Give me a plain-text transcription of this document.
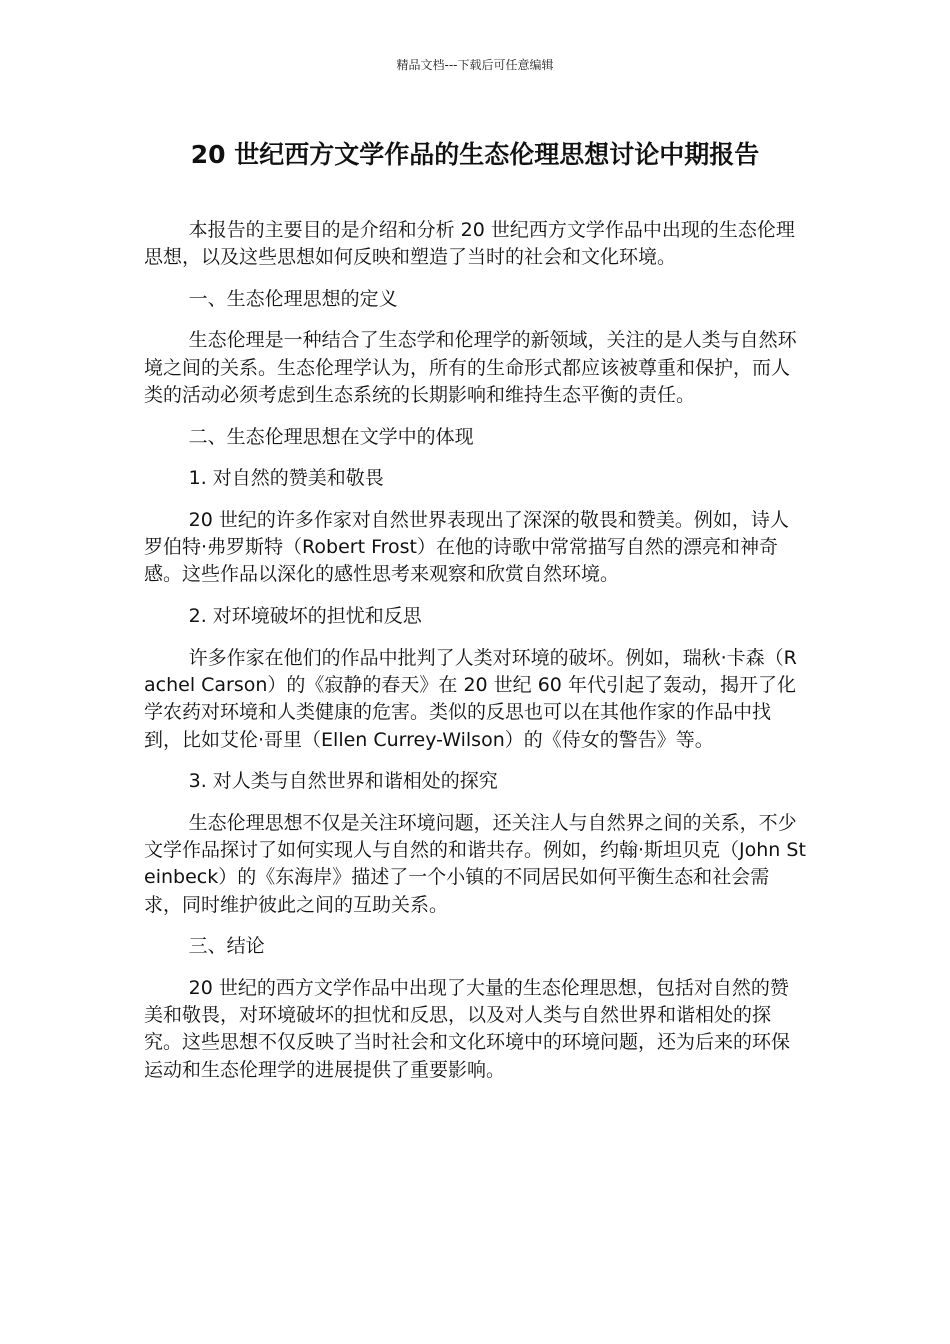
精品文档---下载后可任意编辑
20 世纪西方文学作品的生态伦理思想讨论中期报告

本报告的主要目的是介绍和分析 20 世纪西方文学作品中出现的生态伦理思想，以及这些思想如何反映和塑造了当时的社会和文化环境。

一、生态伦理思想的定义

生态伦理是一种结合了生态学和伦理学的新领域，关注的是人类与自然环境之间的关系。生态伦理学认为，所有的生命形式都应该被尊重和保护，而人类的活动必须考虑到生态系统的长期影响和维持生态平衡的责任。

二、生态伦理思想在文学中的体现

1. 对自然的赞美和敬畏

20 世纪的许多作家对自然世界表现出了深深的敬畏和赞美。例如，诗人罗伯特·弗罗斯特（Robert Frost）在他的诗歌中常常描写自然的漂亮和神奇感。这些作品以深化的感性思考来观察和欣赏自然环境。

2. 对环境破坏的担忧和反思

许多作家在他们的作品中批判了人类对环境的破坏。例如，瑞秋·卡森（Rachel Carson）的《寂静的春天》在 20 世纪 60 年代引起了轰动，揭开了化学农药对环境和人类健康的危害。类似的反思也可以在其他作家的作品中找到，比如艾伦·哥里（Ellen Currey-Wilson）的《侍女的警告》等。

3. 对人类与自然世界和谐相处的探究

生态伦理思想不仅是关注环境问题，还关注人与自然界之间的关系，不少文学作品探讨了如何实现人与自然的和谐共存。例如，约翰·斯坦贝克（John Steinbeck）的《东海岸》描述了一个小镇的不同居民如何平衡生态和社会需求，同时维护彼此之间的互助关系。

三、结论

20 世纪的西方文学作品中出现了大量的生态伦理思想，包括对自然的赞美和敬畏，对环境破坏的担忧和反思，以及对人类与自然世界和谐相处的探究。这些思想不仅反映了当时社会和文化环境中的环境问题，还为后来的环保运动和生态伦理学的进展提供了重要影响。
